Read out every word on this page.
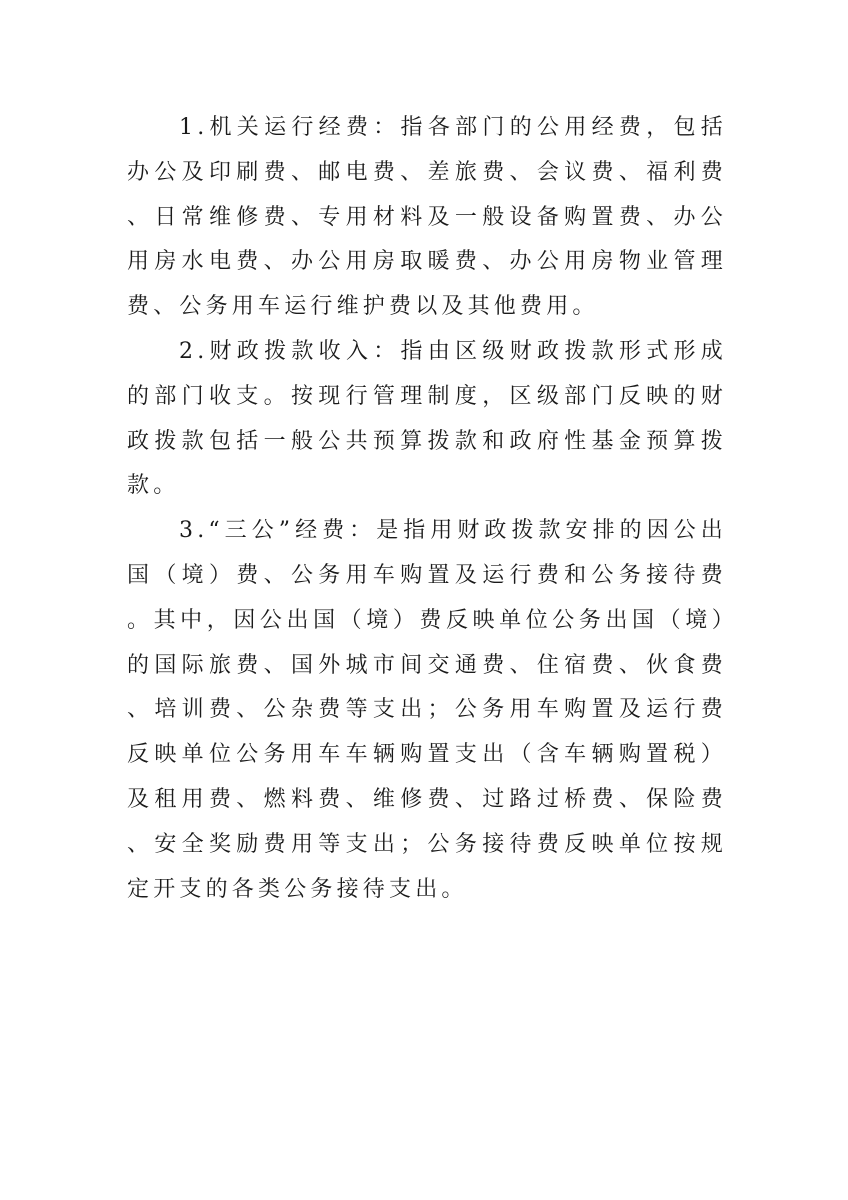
1.机关运行经费：指各部门的公用经费，包括办公及印刷费、邮电费、差旅费、会议费、福利费、日常维修费、专用材料及一般设备购置费、办公用房水电费、办公用房取暖费、办公用房物业管理费、公务用车运行维护费以及其他费用。

2.财政拨款收入：指由区级财政拨款形式形成的部门收支。按现行管理制度，区级部门反映的财政拨款包括一般公共预算拨款和政府性基金预算拨款。

3.“三公”经费：是指用财政拨款安排的因公出国（境）费、公务用车购置及运行费和公务接待费。其中，因公出国（境）费反映单位公务出国（境）的国际旅费、国外城市间交通费、住宿费、伙食费、培训费、公杂费等支出；公务用车购置及运行费反映单位公务用车车辆购置支出（含车辆购置税）及租用费、燃料费、维修费、过路过桥费、保险费、安全奖励费用等支出；公务接待费反映单位按规定开支的各类公务接待支出。
